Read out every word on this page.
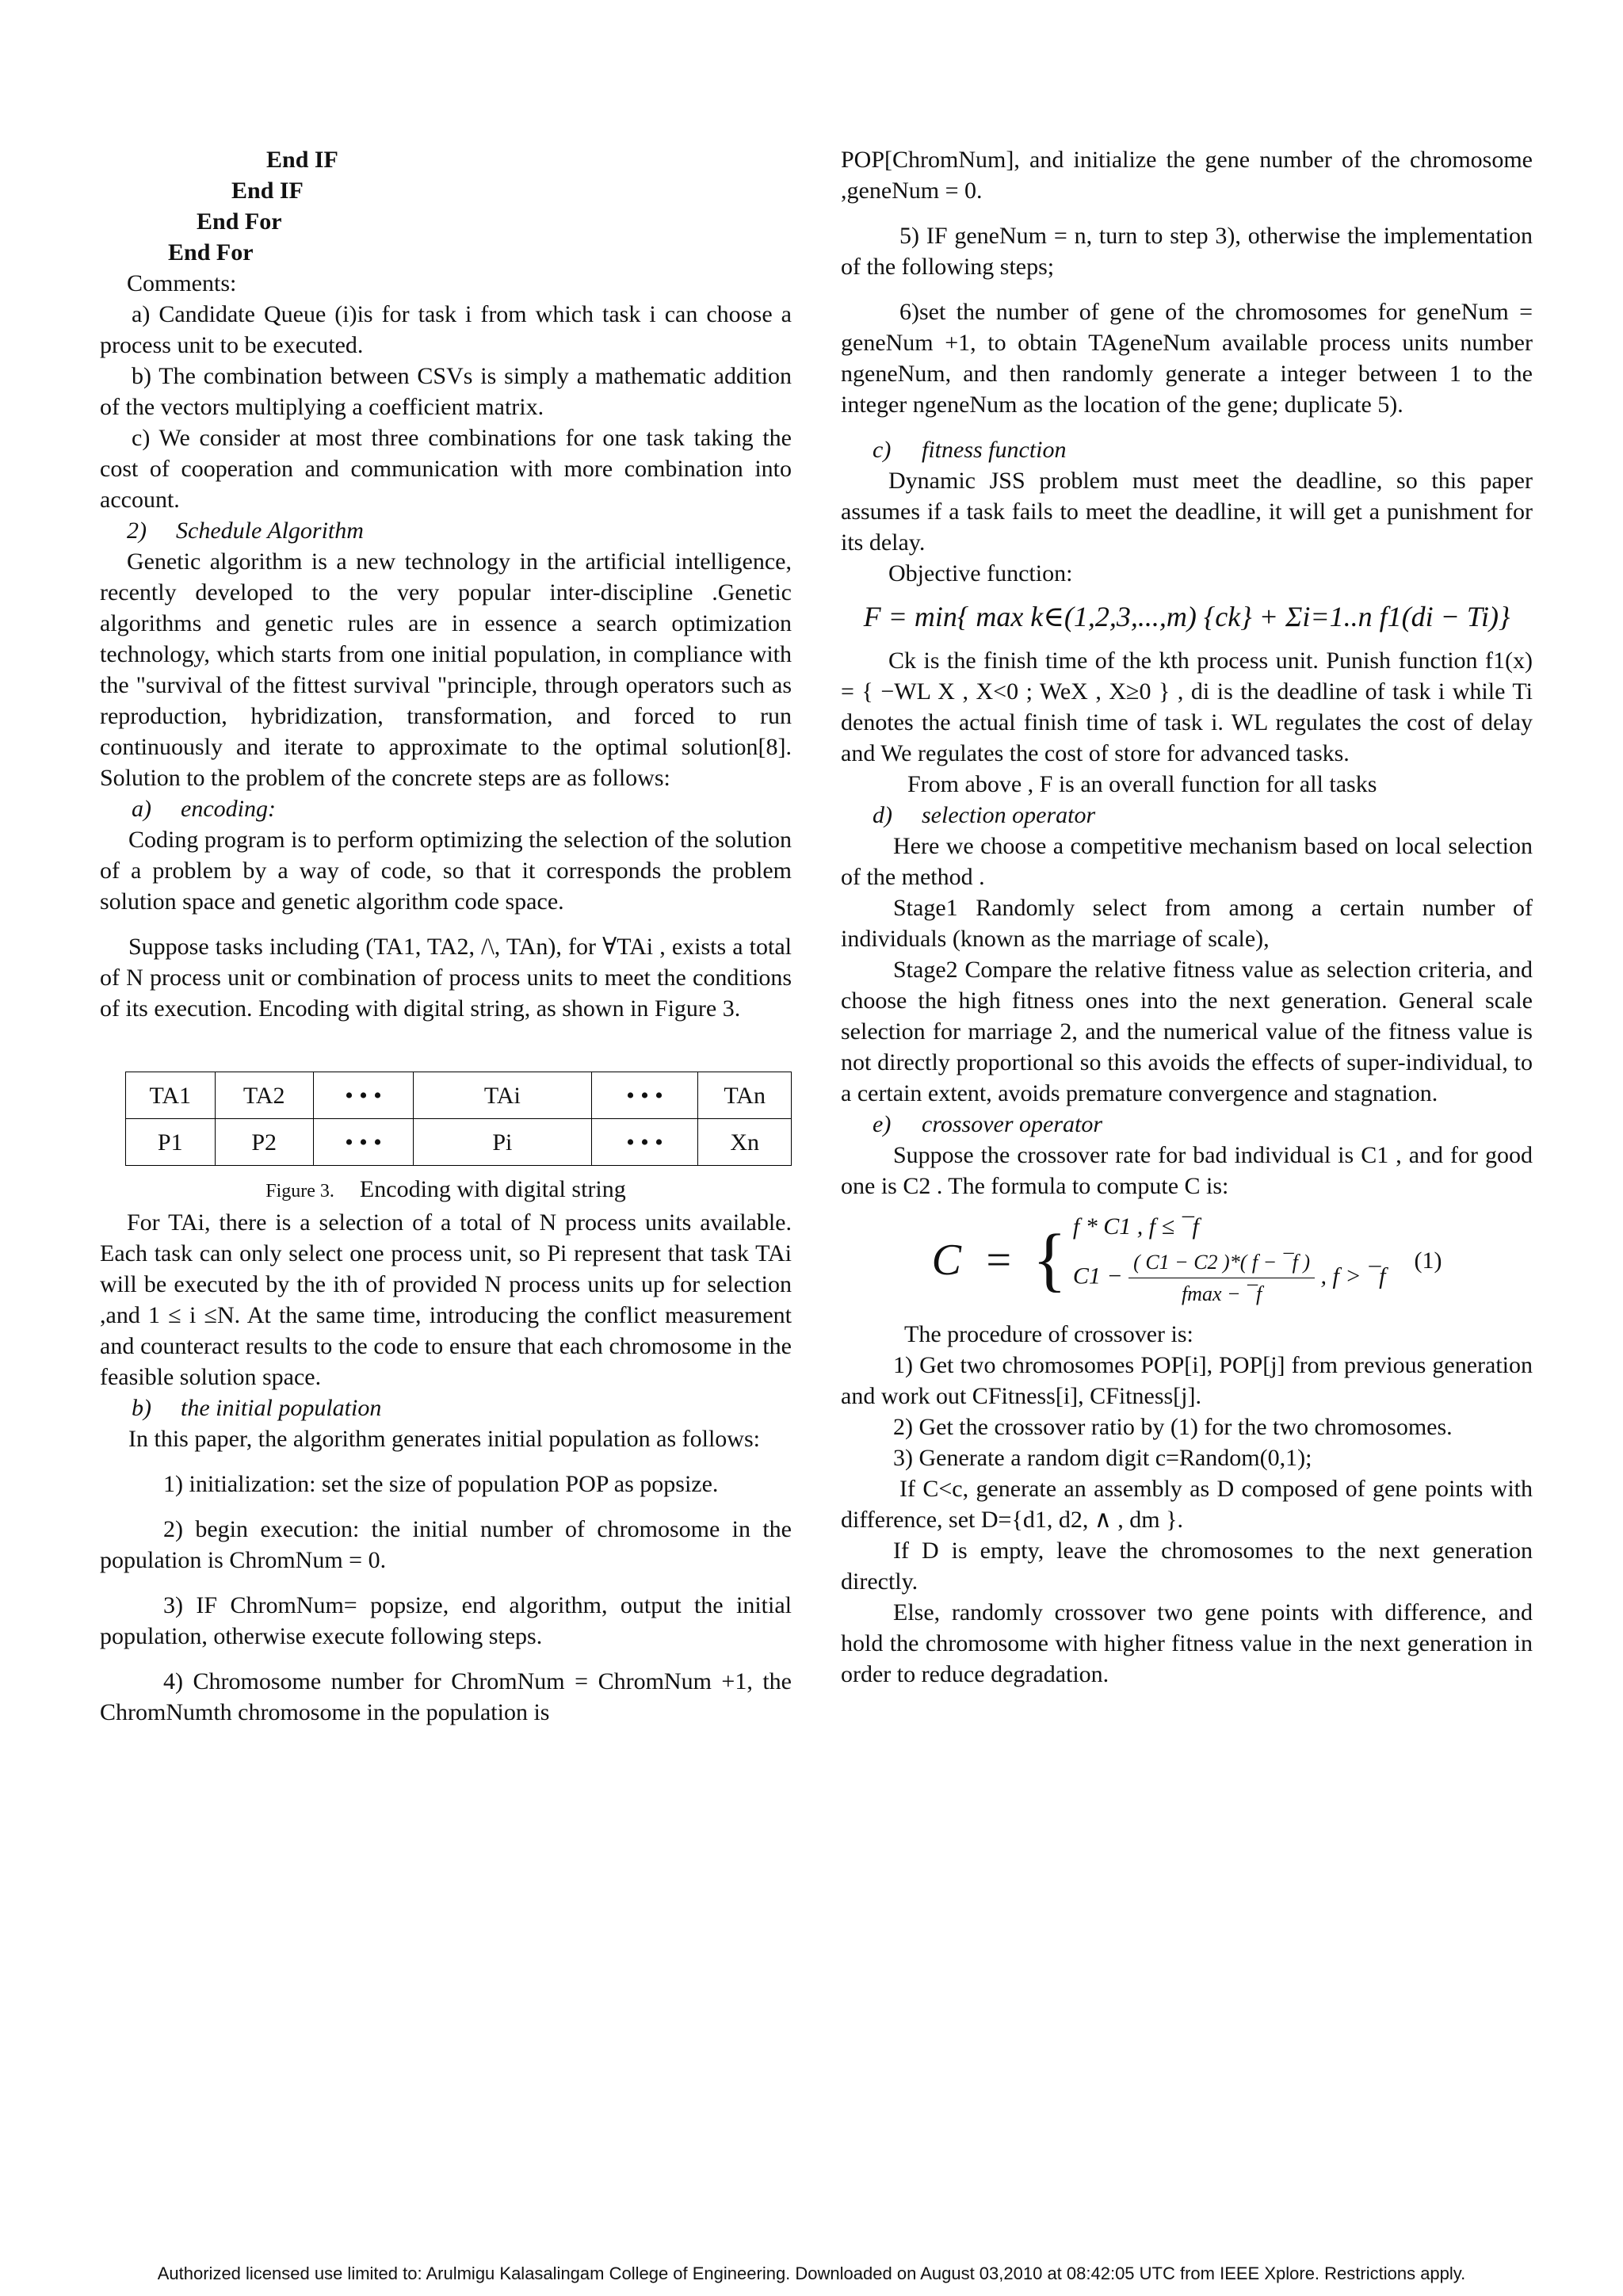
End IF

End IF

End For

End For

Comments:

a) Candidate Queue (i)is for task i from which task i can choose a process unit to be executed.

b) The combination between CSVs is simply a mathematic addition of the vectors multiplying a coefficient matrix.

c) We consider at most three combinations for one task taking the cost of cooperation and communication with more combination into account.

2) Schedule Algorithm

Genetic algorithm is a new technology in the artificial intelligence, recently developed to the very popular inter-discipline .Genetic algorithms and genetic rules are in essence a search optimization technology, which starts from one initial population, in compliance with the "survival of the fittest survival "principle, through operators such as reproduction, hybridization, transformation, and forced to run continuously and iterate to approximate to the optimal solution[8]. Solution to the problem of the concrete steps are as follows:

a) encoding:

Coding program is to perform optimizing the selection of the solution of a problem by a way of code, so that it corresponds the problem solution space and genetic algorithm code space.

Suppose tasks including (TA1, TA2, /\, TAn), for ∀TAi , exists a total of N process unit or combination of process units to meet the conditions of its execution. Encoding with digital string, as shown in Figure 3.

TA1	TA2	• • •	TAi	• • •	TAn
P1	P2	• • •	Pi	• • •	Xn

Figure 3. Encoding with digital string

For TAi, there is a selection of a total of N process units available. Each task can only select one process unit, so Pi represent that task TAi will be executed by the ith of provided N process units up for selection ,and 1 ≤ i ≤N. At the same time, introducing the conflict measurement and counteract results to the code to ensure that each chromosome in the feasible solution space.

b) the initial population

In this paper, the algorithm generates initial population as follows:

1) initialization: set the size of population POP as popsize.

2) begin execution: the initial number of chromosome in the population is ChromNum = 0.

3) IF ChromNum= popsize, end algorithm, output the initial population, otherwise execute following steps.

4) Chromosome number for ChromNum = ChromNum +1, the ChromNumth chromosome in the population is

POP[ChromNum], and initialize the gene number of the chromosome ,geneNum = 0.

5) IF geneNum = n, turn to step 3), otherwise the implementation of the following steps;

6)set the number of gene of the chromosomes for geneNum = geneNum +1, to obtain TAgeneNum available process units number ngeneNum, and then randomly generate a integer between 1 to the integer ngeneNum as the location of the gene; duplicate 5).

c) fitness function

Dynamic JSS problem must meet the deadline, so this paper assumes if a task fails to meet the deadline, it will get a punishment for its delay.

Objective function:

F = min{ max k∈(1,2,3,...,m) {ck} + Σi=1..n f1(di − Ti)}

Ck is the finish time of the kth process unit. Punish function f1(x) = { −WL X , X<0 ; WeX , X≥0 } , di is the deadline of task i while Ti denotes the actual finish time of task i. WL regulates the cost of delay and We regulates the cost of store for advanced tasks.

From above , F is an overall function for all tasks

d) selection operator

Here we choose a competitive mechanism based on local selection of the method .

Stage1 Randomly select from among a certain number of individuals (known as the marriage of scale),

Stage2 Compare the relative fitness value as selection criteria, and choose the high fitness ones into the next generation. General scale selection for marriage 2, and the numerical value of the fitness value is not directly proportional so this avoids the effects of super-individual, to a certain extent, avoids premature convergence and stagnation.

e) crossover operator

Suppose the crossover rate for bad individual is C1 , and for good one is C2 . The formula to compute C is:

C  = { f * C1 , f ≤ ¯f
$C1 - \frac{( C1 - C2 )*( f - ¯f )}{fmax - ¯f}$ , f > ¯f
(1)

The procedure of crossover is:

1) Get two chromosomes POP[i], POP[j] from previous generation and work out CFitness[i], CFitness[j].

2) Get the crossover ratio by (1) for the two chromosomes.

3) Generate a random digit c=Random(0,1);

If C<c, generate an assembly as D composed of gene points with difference, set D={d1, d2, ∧ , dm }.

If D is empty, leave the chromosomes to the next generation directly.

Else, randomly crossover two gene points with difference, and hold the chromosome with higher fitness value in the next generation in order to reduce degradation.

Authorized licensed use limited to: Arulmigu Kalasalingam College of Engineering. Downloaded on August 03,2010 at 08:42:05 UTC from IEEE Xplore. Restrictions apply.
